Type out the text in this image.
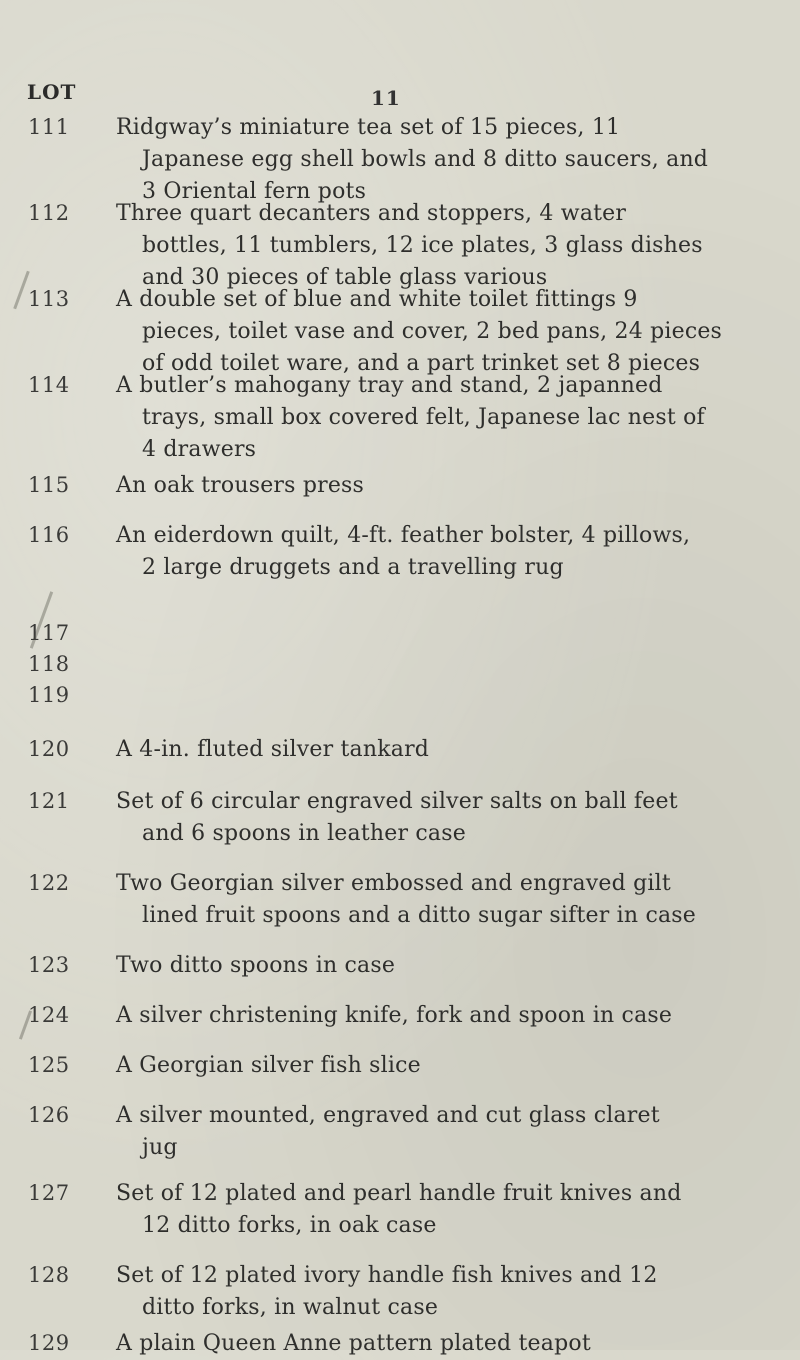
11
LOT
111	Ridgway’s miniature tea set of 15 pieces, 11
Japanese egg shell bowls and 8 ditto saucers, and
3 Oriental fern pots
112	Three quart decanters and stoppers, 4 water
bottles, 11 tumblers, 12 ice plates, 3 glass dishes
and 30 pieces of table glass various
113	A double set of blue and white toilet fittings 9
pieces, toilet vase and cover, 2 bed pans, 24 pieces
of odd toilet ware, and a part trinket set 8 pieces
114	A butler’s mahogany tray and stand, 2 japanned
trays, small box covered felt, Japanese lac nest of
4 drawers
115	An oak trousers press
116	An eiderdown quilt, 4-ft. feather bolster, 4 pillows,
2 large druggets and a travelling rug
117
118
119
120	A 4-in. fluted silver tankard
121	Set of 6 circular engraved silver salts on ball feet
and 6 spoons in leather case
122	Two Georgian silver embossed and engraved gilt
lined fruit spoons and a ditto sugar sifter in case
123	Two ditto spoons in case
124	A silver christening knife, fork and spoon in case
125	A Georgian silver fish slice
126	A silver mounted, engraved and cut glass claret
jug
127	Set of 12 plated and pearl handle fruit knives and
12 ditto forks, in oak case
128	Set of 12 plated ivory handle fish knives and 12
ditto forks, in walnut case
129	A plain Queen Anne pattern plated teapot
